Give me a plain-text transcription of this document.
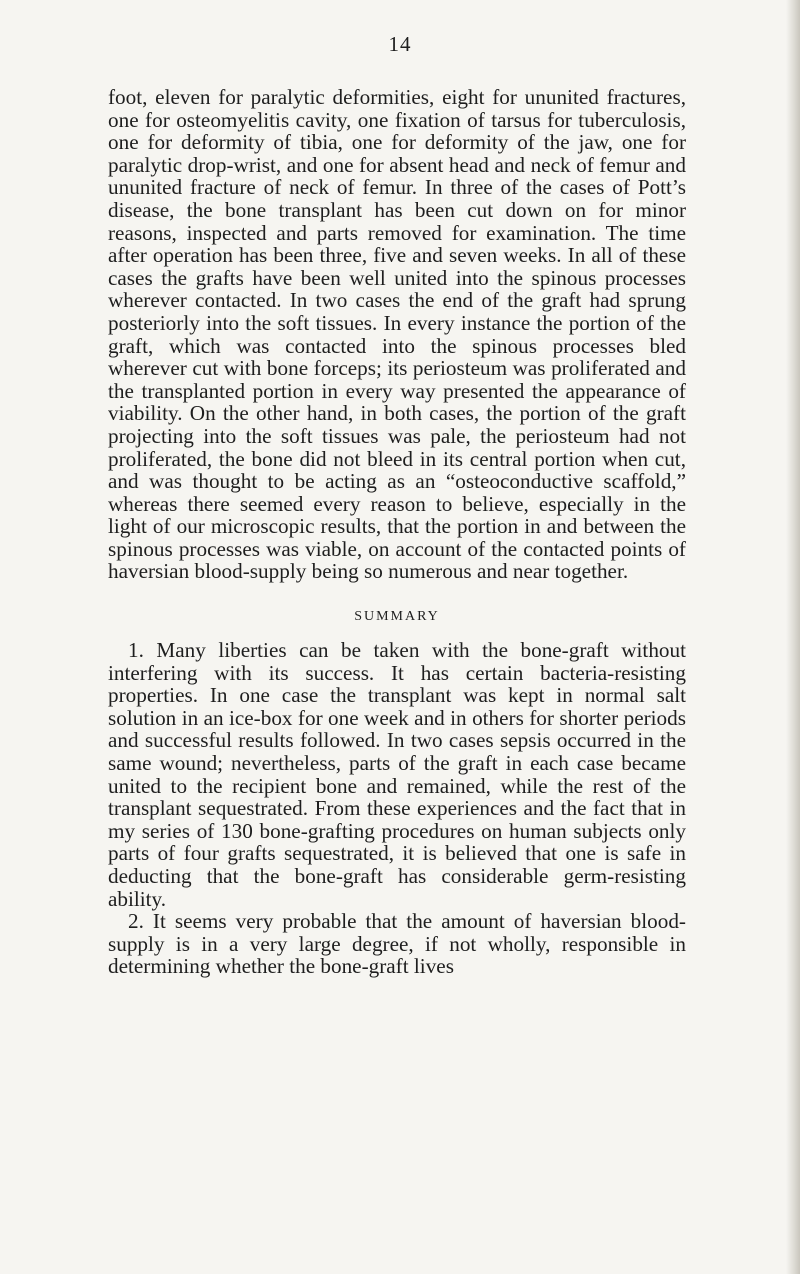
14

foot, eleven for paralytic deformities, eight for ununited fractures, one for osteomyelitis cavity, one fixation of tarsus for tuberculosis, one for deformity of tibia, one for deformity of the jaw, one for paralytic drop-wrist, and one for absent head and neck of femur and ununited fracture of neck of femur. In three of the cases of Pott’s disease, the bone transplant has been cut down on for minor reasons, inspected and parts removed for examination. The time after operation has been three, five and seven weeks. In all of these cases the grafts have been well united into the spinous processes wherever contacted. In two cases the end of the graft had sprung posteriorly into the soft tissues. In every instance the portion of the graft, which was contacted into the spinous processes bled wherever cut with bone forceps; its periosteum was proliferated and the transplanted portion in every way presented the appearance of viability. On the other hand, in both cases, the portion of the graft projecting into the soft tissues was pale, the periosteum had not proliferated, the bone did not bleed in its central portion when cut, and was thought to be acting as an “osteoconductive scaffold,” whereas there seemed every reason to believe, especially in the light of our microscopic results, that the portion in and between the spinous processes was viable, on account of the contacted points of haversian blood-supply being so numerous and near together.

SUMMARY

1. Many liberties can be taken with the bone-graft without interfering with its success. It has certain bacteria-resisting properties. In one case the transplant was kept in normal salt solution in an ice-box for one week and in others for shorter periods and successful results followed. In two cases sepsis occurred in the same wound; nevertheless, parts of the graft in each case became united to the recipient bone and remained, while the rest of the transplant sequestrated. From these experiences and the fact that in my series of 130 bone-grafting procedures on human subjects only parts of four grafts sequestrated, it is believed that one is safe in deducting that the bone-graft has considerable germ-resisting ability.

2. It seems very probable that the amount of haversian blood-supply is in a very large degree, if not wholly, responsible in determining whether the bone-graft lives
